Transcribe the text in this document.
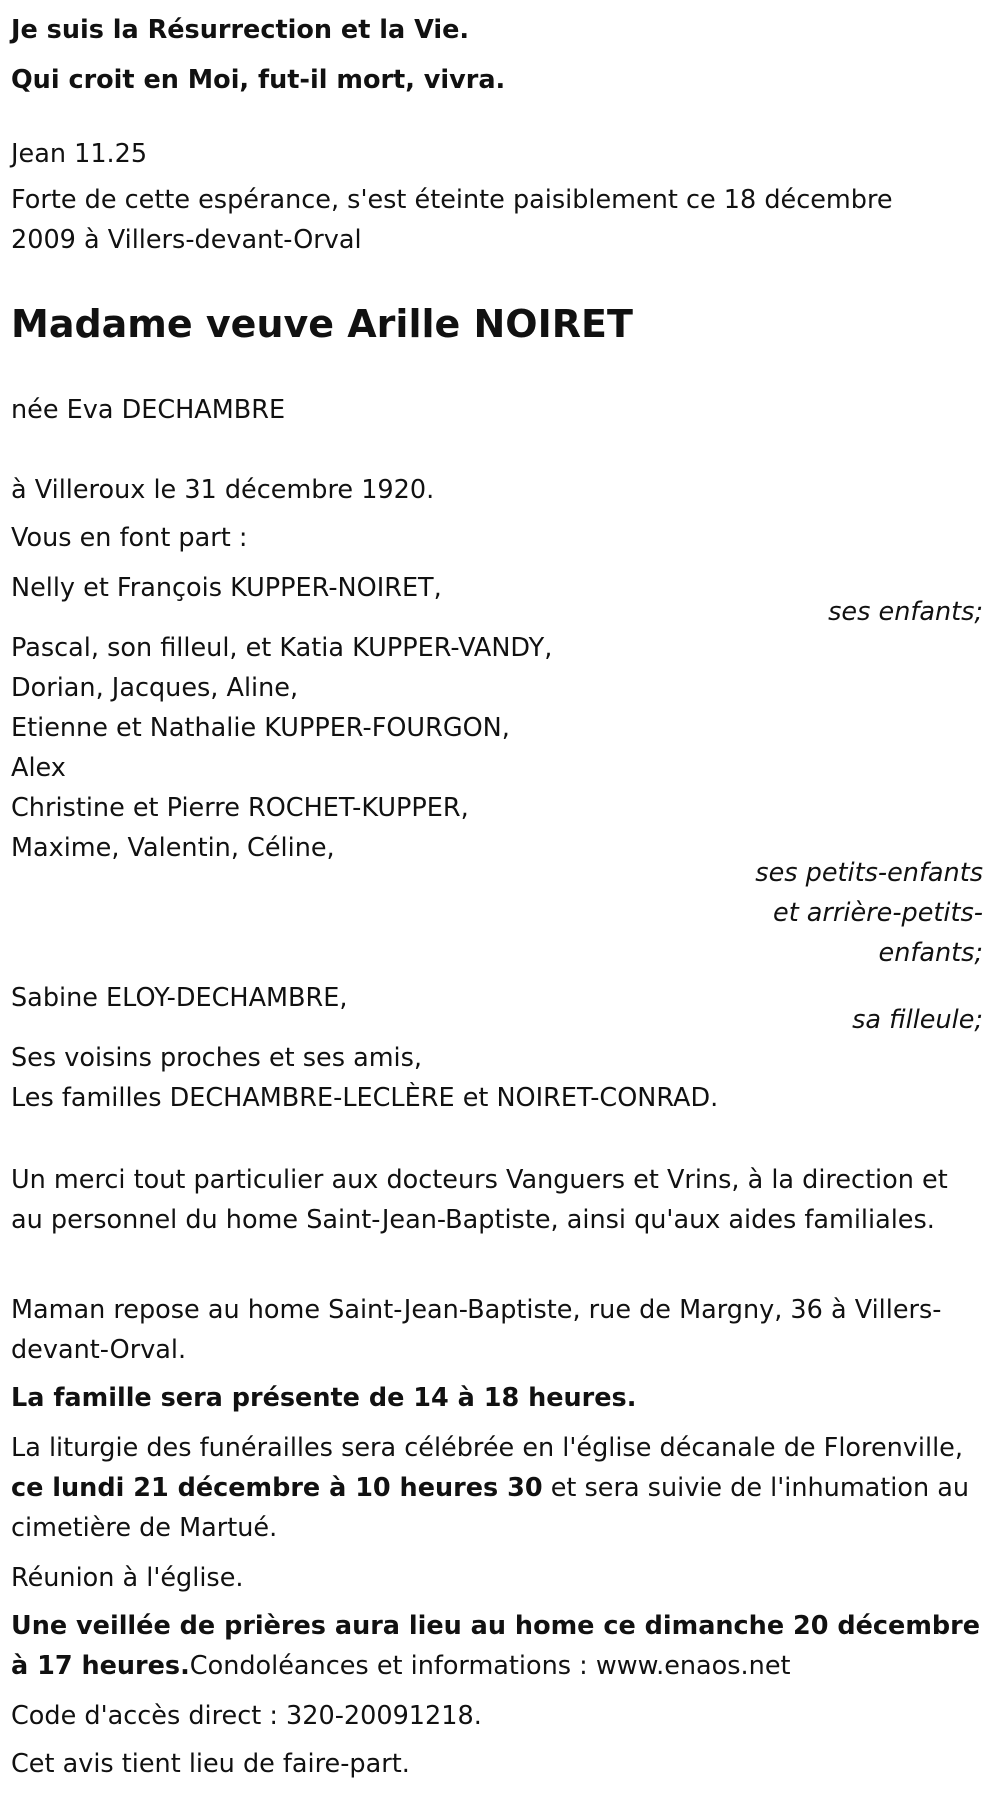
Je suis la Résurrection et la Vie.
Qui croit en Moi, fut-il mort, vivra.
Jean 11.25
Forte de cette espérance, s'est éteinte paisiblement ce 18 décembre 2009 à Villers-devant-Orval
Madame veuve Arille NOIRET
née Eva DECHAMBRE
à Villeroux le 31 décembre 1920.
Vous en font part :
Nelly et François KUPPER-NOIRET,
ses enfants;
Pascal, son filleul, et Katia KUPPER-VANDY,
Dorian, Jacques, Aline,
Etienne et Nathalie KUPPER-FOURGON,
Alex
Christine et Pierre ROCHET-KUPPER,
Maxime, Valentin, Céline,
ses petits-enfants
et arrière-petits-
enfants;
Sabine ELOY-DECHAMBRE,
sa filleule;
Ses voisins proches et ses amis,
Les familles DECHAMBRE-LECLÈRE et NOIRET-CONRAD.
Un merci tout particulier aux docteurs Vanguers et Vrins, à la direction et au personnel du home Saint-Jean-Baptiste, ainsi qu'aux aides familiales.
Maman repose au home Saint-Jean-Baptiste, rue de Margny, 36 à Villers-devant-Orval.
La famille sera présente de 14 à 18 heures.
La liturgie des funérailles sera célébrée en l'église décanale de Florenville, ce lundi 21 décembre à 10 heures 30 et sera suivie de l'inhumation au cimetière de Martué.
Réunion à l'église.
Une veillée de prières aura lieu au home ce dimanche 20 décembre à 17 heures.Condoléances et informations : www.enaos.net
Code d'accès direct : 320-20091218.
Cet avis tient lieu de faire-part.
